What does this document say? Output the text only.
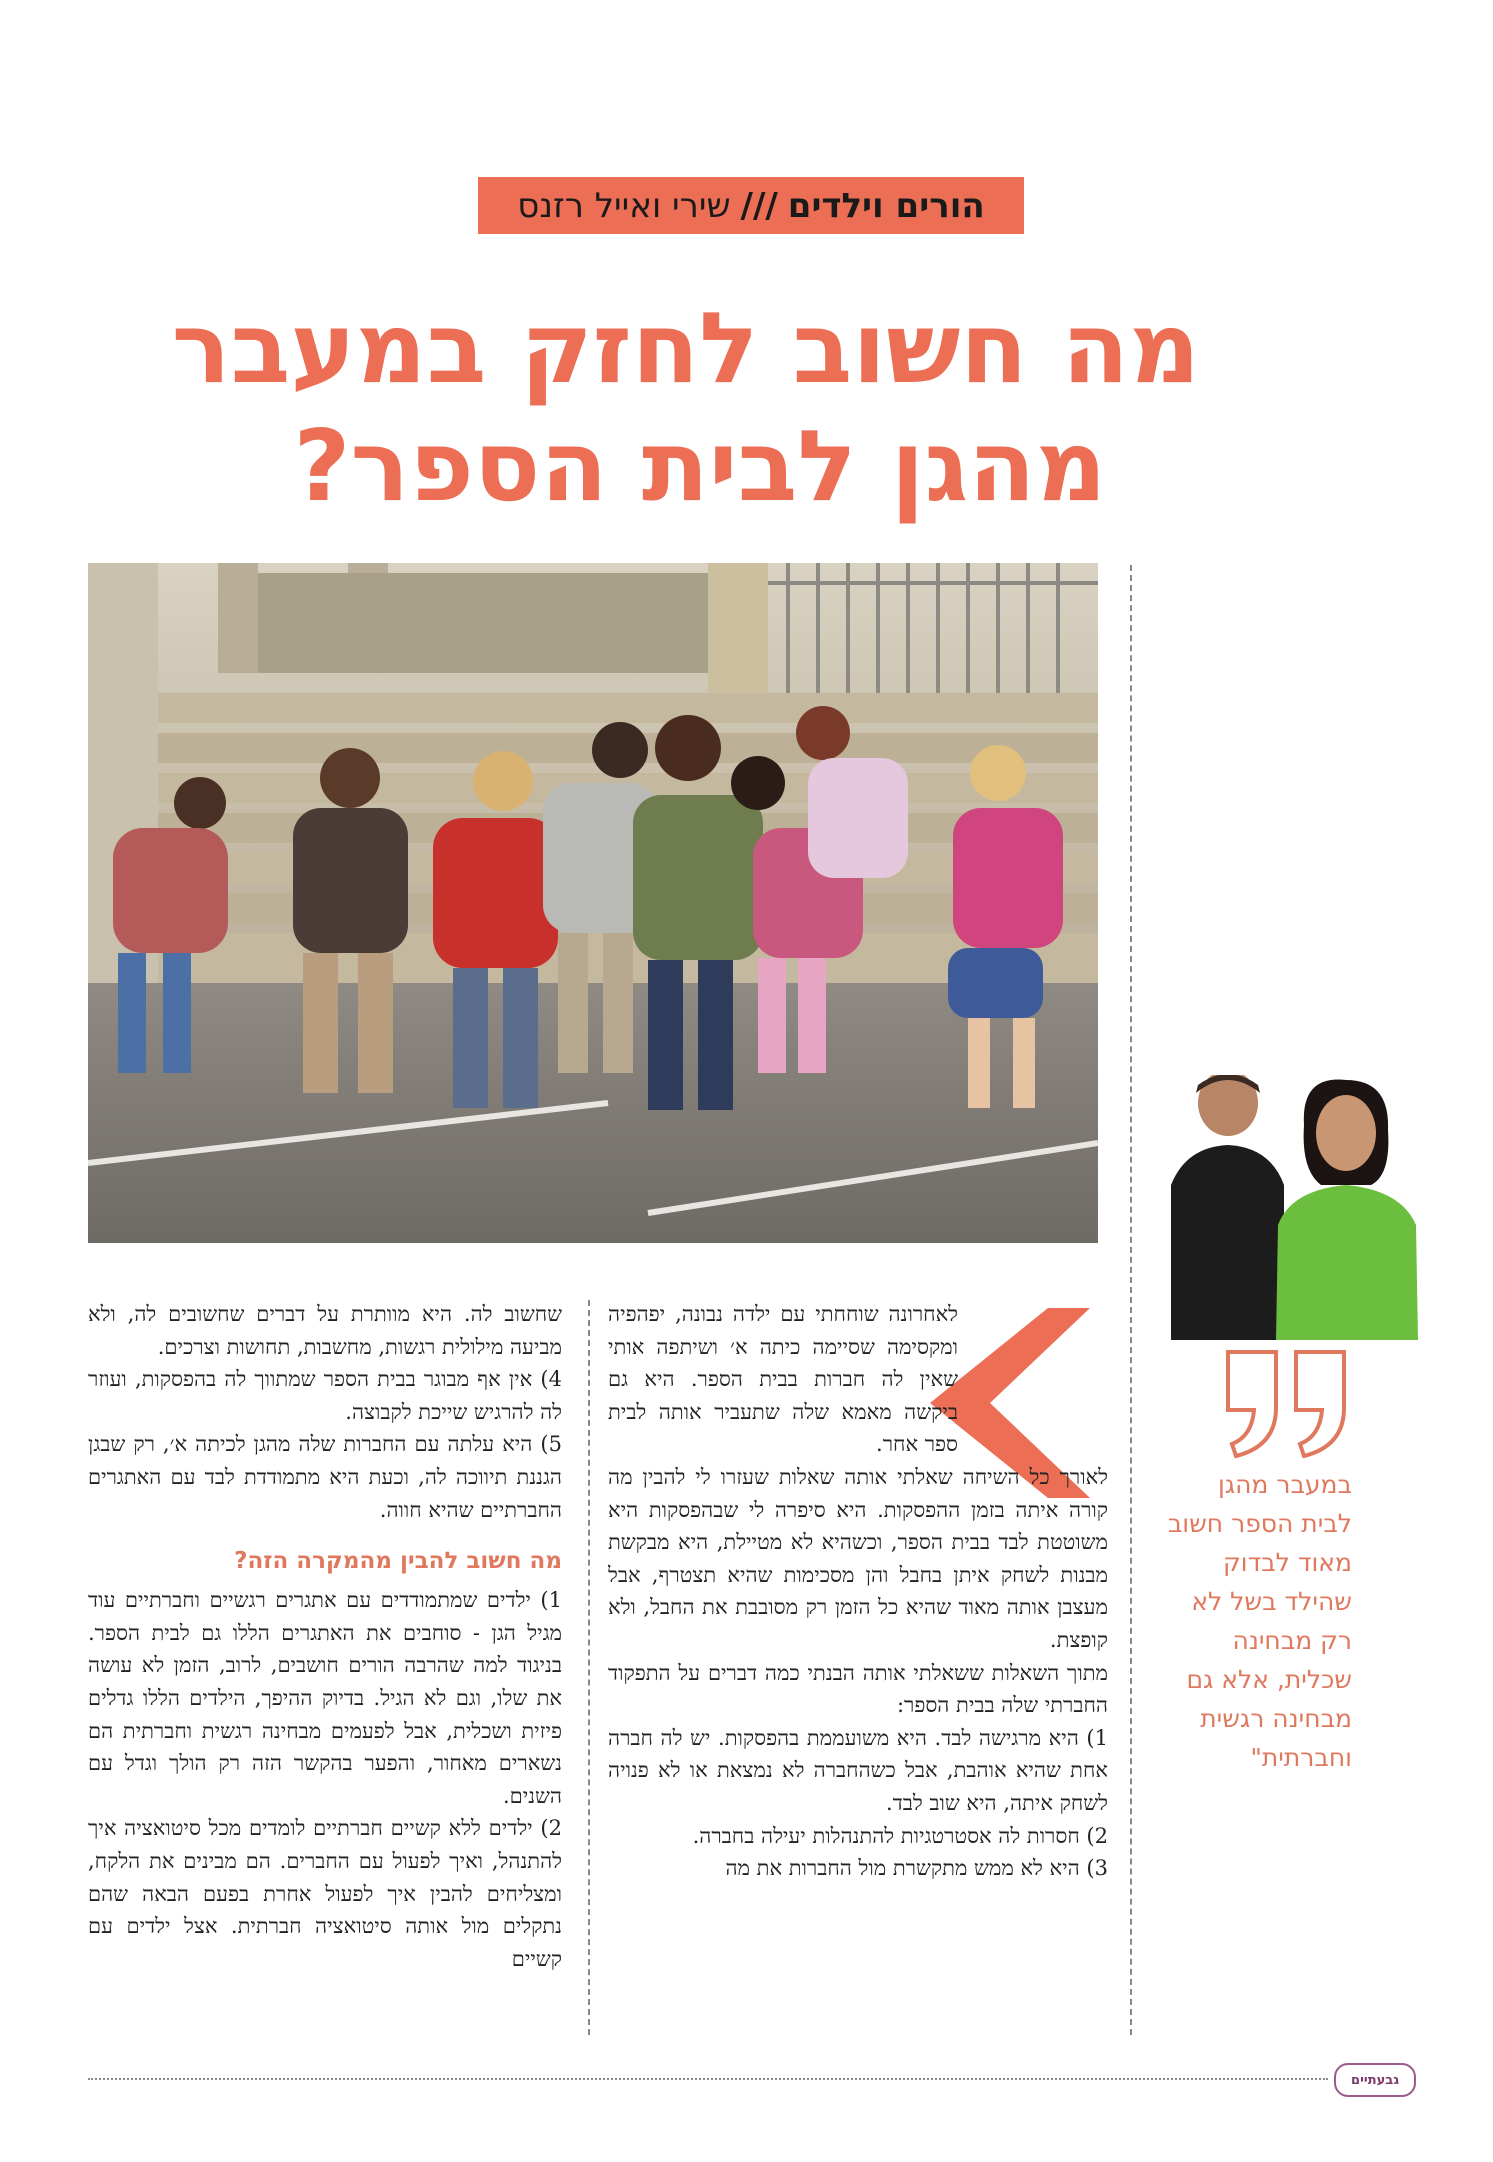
הורים וילדים
///
שירי ואייל רזנס
מה חשוב לחזק במעבר
מהגן לבית הספר?
במעבר מהגן לבית הספר חשוב מאוד לבדוק שהילד בשל לא רק מבחינה שכלית, אלא גם מבחינה רגשית וחברתית"

לאחרונה שוחחתי עם ילדה נבונה, יפהפיה ומקסימה שסיימה כיתה א׳ ושיתפה אותי שאין לה חברות בבית הספר. היא גם ביקשה מאמא שלה שתעביר אותה לבית ספר אחר.

לאורך כל השיחה שאלתי אותה שאלות שעזרו לי להבין מה קורה איתה בזמן ההפסקות. היא סיפרה לי שבהפסקות היא משוטטת לבד בבית הספר, וכשהיא לא מטיילת, היא מבקשת מבנות לשחק איתן בחבל והן מסכימות שהיא תצטרף, אבל מעצבן אותה מאוד שהיא כל הזמן רק מסובבת את החבל, ולא קופצת.

מתוך השאלות ששאלתי אותה הבנתי כמה דברים על התפקוד החברתי שלה בבית הספר:

1) היא מרגישה לבד. היא משועממת בהפסקות. יש לה חברה אחת שהיא אוהבת, אבל כשהחברה לא נמצאת או לא פנויה לשחק איתה, היא שוב לבד.

2) חסרות לה אסטרטגיות להתנהלות יעילה בחברה.

3) היא לא ממש מתקשרת מול החברות את מה

שחשוב לה. היא מוותרת על דברים שחשובים לה, ולא מביעה מילולית רגשות, מחשבות, תחושות וצרכים.

4) אין אף מבוגר בבית הספר שמתווך לה בהפסקות, ועוזר לה להרגיש שייכת לקבוצה.

5) היא עלתה עם החברות שלה מהגן לכיתה א׳, רק שבגן הגננת תיווכה לה, וכעת היא מתמודדת לבד עם האתגרים החברתיים שהיא חווה.

מה חשוב להבין מהמקרה הזה?

1) ילדים שמתמודדים עם אתגרים רגשיים וחברתיים עוד מגיל הגן - סוחבים את האתגרים הללו גם לבית הספר. בניגוד למה שהרבה הורים חושבים, לרוב, הזמן לא עושה את שלו, וגם לא הגיל. בדיוק ההיפך, הילדים הללו גדלים פיזית ושכלית, אבל לפעמים מבחינה רגשית וחברתית הם נשארים מאחור, והפער בהקשר הזה רק הולך וגדל עם השנים.

2) ילדים ללא קשיים חברתיים לומדים מכל סיטואציה איך להתנהל, ואיך לפעול עם החברים. הם מבינים את הלקח, ומצליחים להבין איך לפעול אחרת בפעם הבאה שהם נתקלים מול אותה סיטואציה חברתית. אצל ילדים עם קשיים

גבעתיים
